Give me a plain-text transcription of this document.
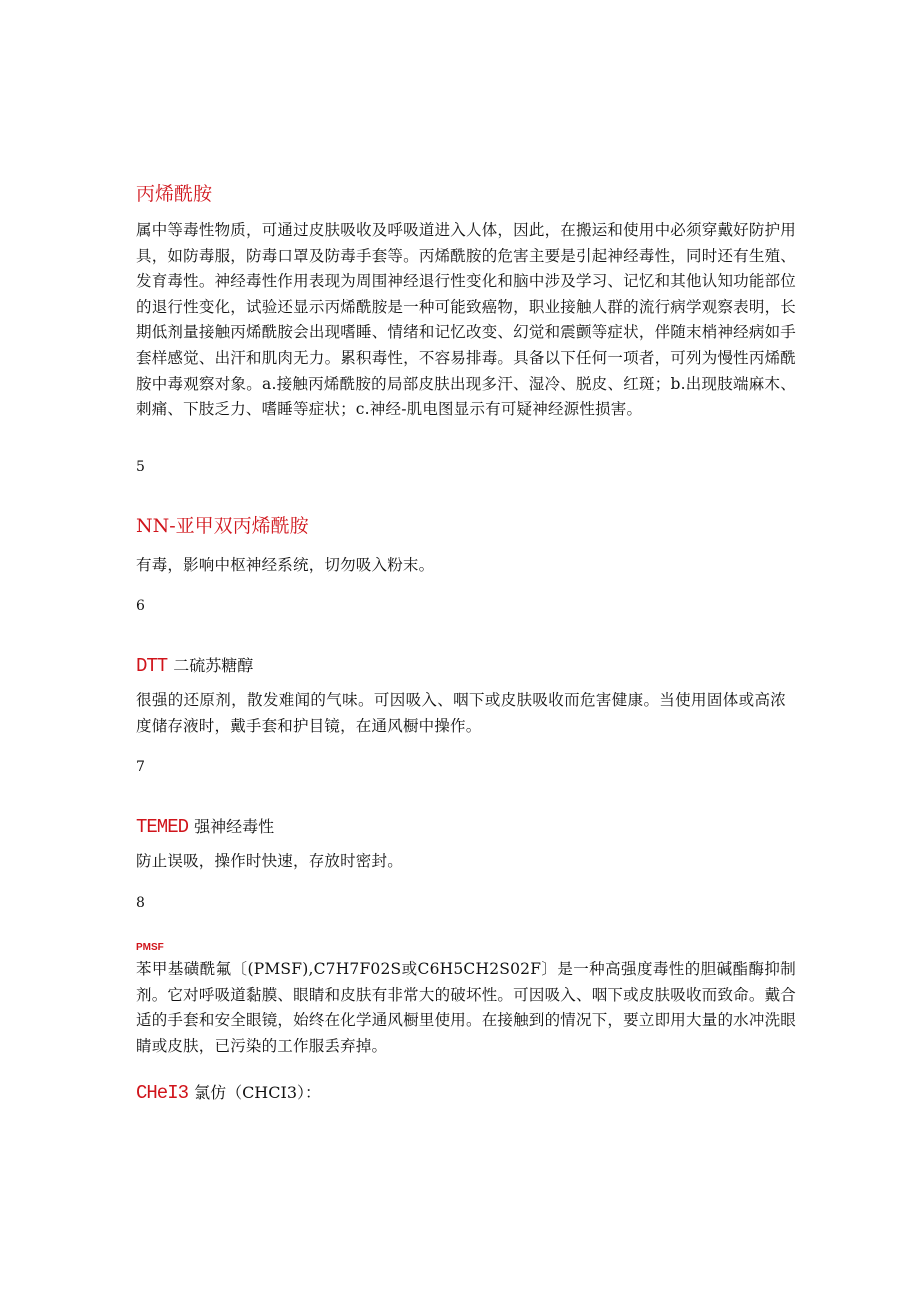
丙烯酰胺
属中等毒性物质，可通过皮肤吸收及呼吸道进入人体，因此，在搬运和使用中必须穿戴好防护用具，如防毒服，防毒口罩及防毒手套等。丙烯酰胺的危害主要是引起神经毒性，同时还有生殖、发育毒性。神经毒性作用表现为周围神经退行性变化和脑中涉及学习、记忆和其他认知功能部位的退行性变化，试验还显示丙烯酰胺是一种可能致癌物，职业接触人群的流行病学观察表明，长期低剂量接触丙烯酰胺会出现嗜睡、情绪和记忆改变、幻觉和震颤等症状，伴随末梢神经病如手套样感觉、出汗和肌肉无力。累积毒性，不容易排毒。具备以下任何一项者，可列为慢性丙烯酰胺中毒观察对象。a.接触丙烯酰胺的局部皮肤出现多汗、湿冷、脱皮、红斑；b.出现肢端麻木、刺痛、下肢乏力、嗜睡等症状；c.神经-肌电图显示有可疑神经源性损害。
5
NN-亚甲双丙烯酰胺
有毒，影响中枢神经系统，切勿吸入粉末。
6
DTT 二硫苏糖醇
很强的还原剂，散发难闻的气味。可因吸入、咽下或皮肤吸收而危害健康。当使用固体或高浓度储存液时，戴手套和护目镜，在通风橱中操作。
7
TEMED 强神经毒性
防止误吸，操作时快速，存放时密封。
8
PMSF
苯甲基磺酰氟〔(PMSF),C7H7F02S或C6H5CH2S02F〕是一种高强度毒性的胆碱酯酶抑制剂。它对呼吸道黏膜、眼睛和皮肤有非常大的破坏性。可因吸入、咽下或皮肤吸收而致命。戴合适的手套和安全眼镜，始终在化学通风橱里使用。在接触到的情况下，要立即用大量的水冲洗眼睛或皮肤，已污染的工作服丢弃掉。
CHeI3 氯仿（CHCI3）：
